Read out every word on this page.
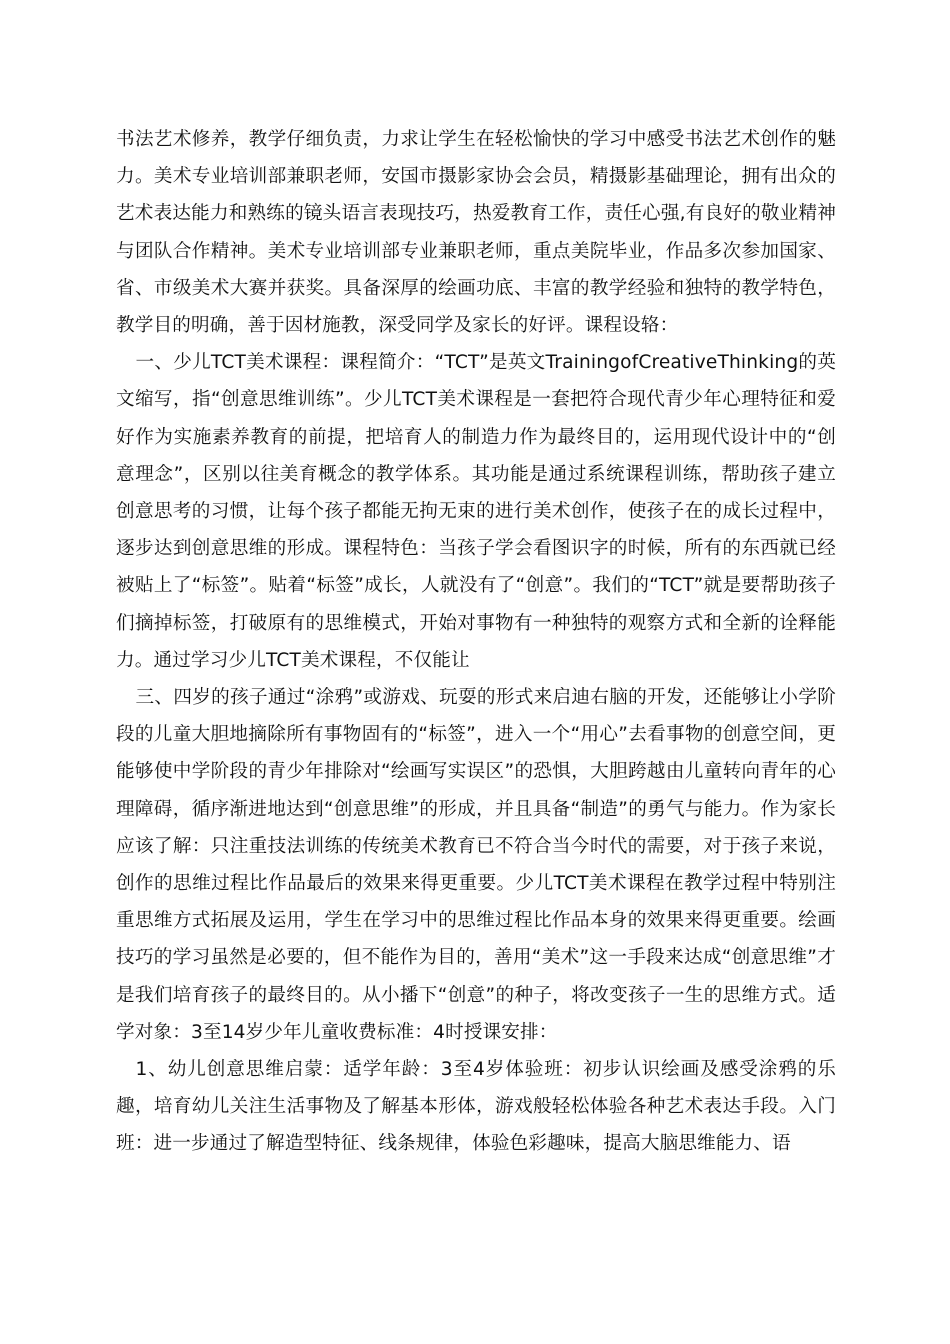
书法艺术修养，教学仔细负责，力求让学生在轻松愉快的学习中感受书法艺术创作的魅力。美术专业培训部兼职老师，安国市摄影家协会会员，精摄影基础理论，拥有出众的艺术表达能力和熟练的镜头语言表现技巧，热爱教育工作，责任心强,有良好的敬业精神与团队合作精神。美术专业培训部专业兼职老师，重点美院毕业，作品多次参加国家、省、市级美术大赛并获奖。具备深厚的绘画功底、丰富的教学经验和独特的教学特色，教学目的明确，善于因材施教，深受同学及家长的好评。课程设辂：

一、少儿TCT美术课程：课程简介：“TCT”是英文TrainingofCreativeThinking的英文缩写，指“创意思维训练”。少儿TCT美术课程是一套把符合现代青少年心理特征和爱好作为实施素养教育的前提，把培育人的制造力作为最终目的，运用现代设计中的“创意理念”，区别以往美育概念的教学体系。其功能是通过系统课程训练，帮助孩子建立创意思考的习惯，让每个孩子都能无拘无束的进行美术创作，使孩子在的成长过程中，逐步达到创意思维的形成。课程特色：当孩子学会看图识字的时候，所有的东西就已经被贴上了“标签”。贴着“标签”成长，人就没有了“创意”。我们的“TCT”就是要帮助孩子们摘掉标签，打破原有的思维模式，开始对事物有一种独特的观察方式和全新的诠释能力。通过学习少儿TCT美术课程，不仅能让

三、四岁的孩子通过“涂鸦”或游戏、玩耍的形式来启迪右脑的开发，还能够让小学阶段的儿童大胆地摘除所有事物固有的“标签”，进入一个“用心”去看事物的创意空间，更能够使中学阶段的青少年排除对“绘画写实误区”的恐惧，大胆跨越由儿童转向青年的心理障碍，循序渐进地达到“创意思维”的形成，并且具备“制造”的勇气与能力。作为家长应该了解：只注重技法训练的传统美术教育已不符合当今时代的需要，对于孩子来说，创作的思维过程比作品最后的效果来得更重要。少儿TCT美术课程在教学过程中特别注重思维方式拓展及运用，学生在学习中的思维过程比作品本身的效果来得更重要。绘画技巧的学习虽然是必要的，但不能作为目的，善用“美术”这一手段来达成“创意思维”才是我们培育孩子的最终目的。从小播下“创意”的种子，将改变孩子一生的思维方式。适学对象：3至14岁少年儿童收费标准：4时授课安排：

1、幼儿创意思维启蒙：适学年龄：3至4岁体验班：初步认识绘画及感受涂鸦的乐趣，培育幼儿关注生活事物及了解基本形体，游戏般轻松体验各种艺术表达手段。入门班：进一步通过了解造型特征、线条规律，体验色彩趣味，提高大脑思维能力、语
